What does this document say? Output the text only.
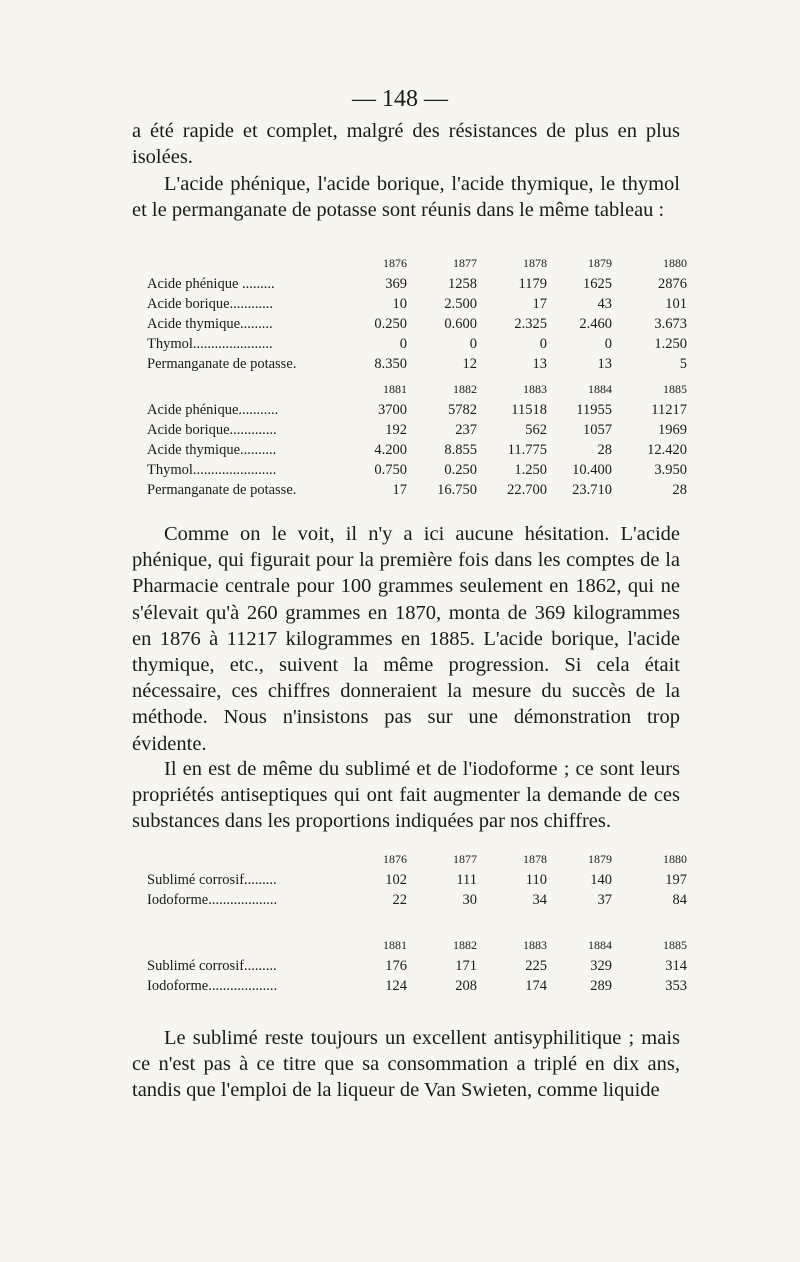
— 148 —

a été rapide et complet, malgré des résistances de plus en plus isolées.

L'acide phénique, l'acide borique, l'acide thymique, le thymol et le permanganate de potasse sont réunis dans le même tableau :

	1876	1877	1878	1879	1880
Acide phénique .........	369	1258	1179	1625	2876
Acide borique............	10	2.500	17	43	101
Acide thymique.........	0.250	0.600	2.325	2.460	3.673
Thymol......................	0	0	0	0	1.250
Permanganate de potasse.	8.350	12	13	13	5
	1881	1882	1883	1884	1885
Acide phénique...........	3700	5782	11518	11955	11217
Acide borique.............	192	237	562	1057	1969
Acide thymique..........	4.200	8.855	11.775	28	12.420
Thymol.......................	0.750	0.250	1.250	10.400	3.950
Permanganate de potasse.	17	16.750	22.700	23.710	28

Comme on le voit, il n'y a ici aucune hésitation. L'acide phénique, qui figurait pour la première fois dans les comptes de la Pharmacie centrale pour 100 grammes seulement en 1862, qui ne s'élevait qu'à 260 grammes en 1870, monta de 369 kilogrammes en 1876 à 11217 kilogrammes en 1885. L'acide borique, l'acide thymique, etc., suivent la même progression. Si cela était nécessaire, ces chiffres donneraient la mesure du succès de la méthode. Nous n'insistons pas sur une démonstration trop évidente.

Il en est de même du sublimé et de l'iodoforme ; ce sont leurs propriétés antiseptiques qui ont fait augmenter la demande de ces substances dans les proportions indiquées par nos chiffres.

	1876	1877	1878	1879	1880
Sublimé corrosif.........	102	111	110	140	197
Iodoforme...................	22	30	34	37	84
	1881	1882	1883	1884	1885
Sublimé corrosif.........	176	171	225	329	314
Iodoforme...................	124	208	174	289	353

Le sublimé reste toujours un excellent antisyphilitique ; mais ce n'est pas à ce titre que sa consommation a triplé en dix ans, tandis que l'emploi de la liqueur de Van Swieten, comme liquide
